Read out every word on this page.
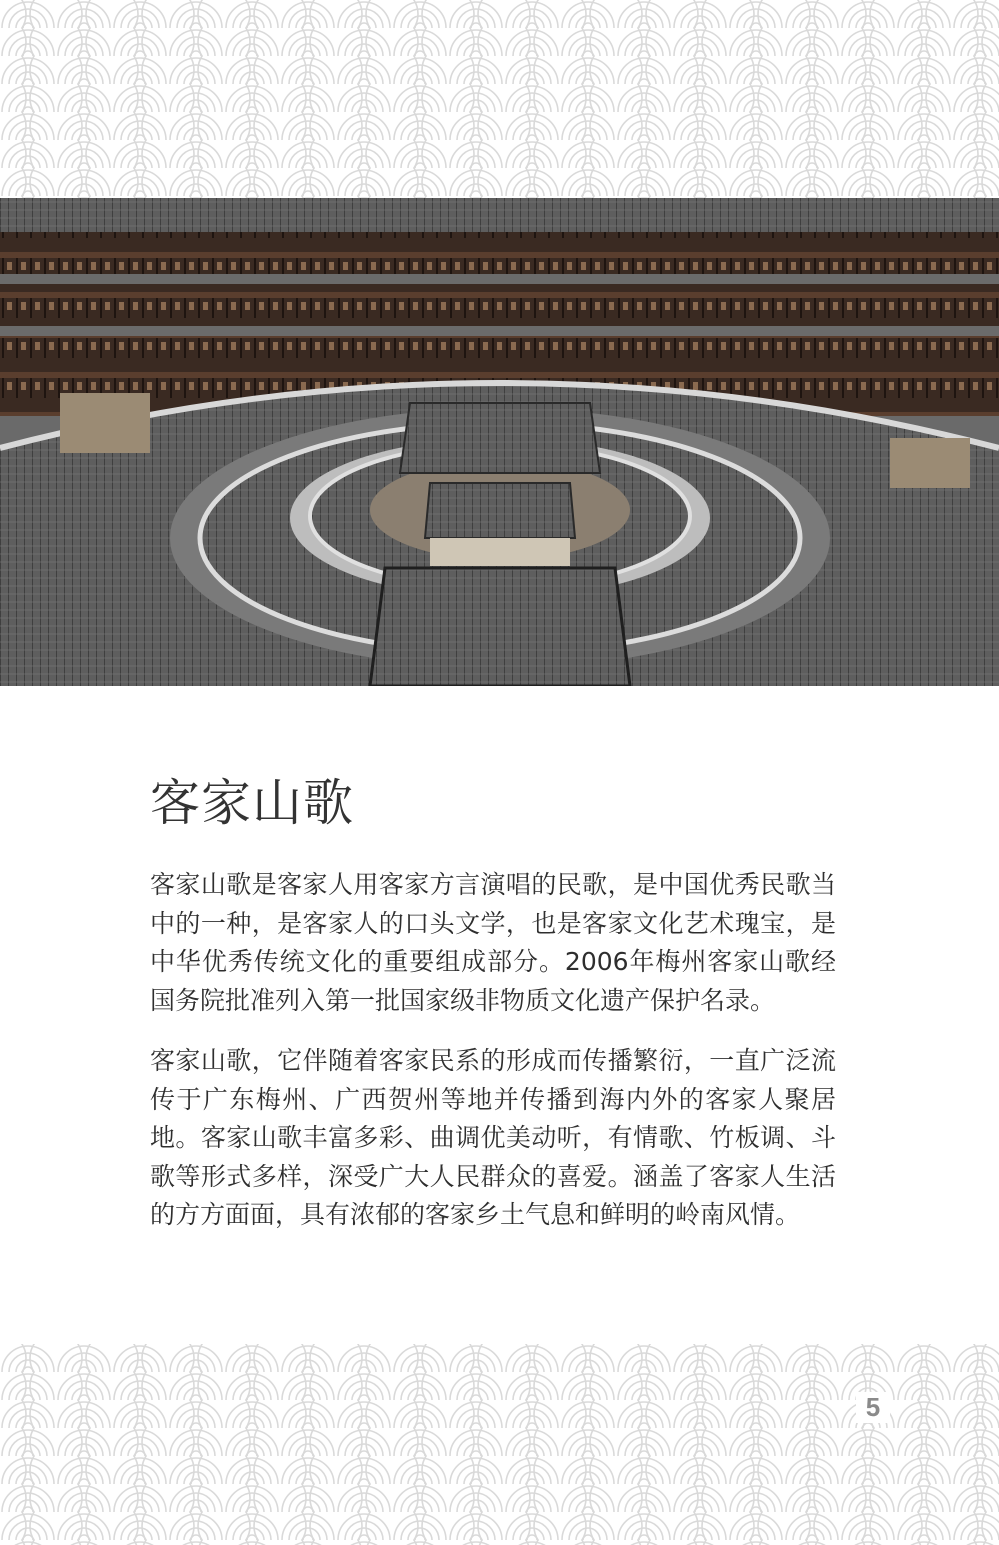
客家山歌

客家山歌是客家人用客家方言演唱的民歌，是中国优秀民歌当中的一种，是客家人的口头文学，也是客家文化艺术瑰宝，是中华优秀传统文化的重要组成部分。2006年梅州客家山歌经国务院批准列入第一批国家级非物质文化遗产保护名录。

客家山歌，它伴随着客家民系的形成而传播繁衍，一直广泛流传于广东梅州、广西贺州等地并传播到海内外的客家人聚居地。客家山歌丰富多彩、曲调优美动听，有情歌、竹板调、斗歌等形式多样，深受广大人民群众的喜爱。涵盖了客家人生活的方方面面，具有浓郁的客家乡土气息和鲜明的岭南风情。

5
